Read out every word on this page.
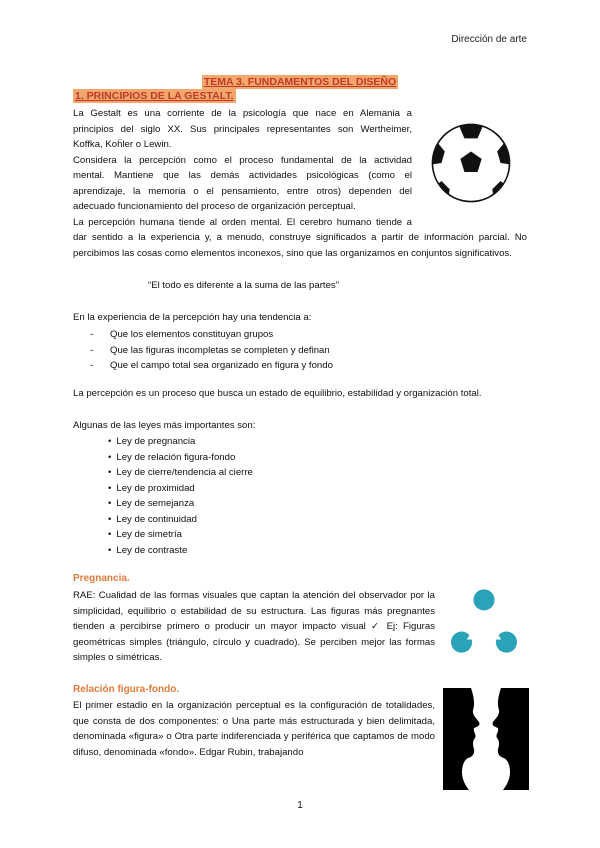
Dirección de arte
TEMA 3. FUNDAMENTOS DEL DISEÑO
1. PRINCIPIOS DE LA GESTALT.

La Gestalt es una corriente de la psicología que nace en Alemania a

principios del siglo XX. Sus principales representantes son Wertheimer,

Koffka, Koḧler o Lewin.

Considera la percepción como el proceso fundamental de la actividad

mental. Mantiene que las demás actividades psicológicas (como el

aprendizaje, la memoria o el pensamiento, entre otros) dependen del

adecuado funcionamiento del proceso de organización perceptual.

La percepción humana tiende al orden mental. El cerebro humano tiende a

dar sentido a la experiencia y, a menudo, construye significados a partir de información parcial. No percibimos las cosas como elementos inconexos, sino que las organizamos en conjuntos significativos.
“El todo es diferente a la suma de las partes”
En la experiencia de la percepción hay una tendencia a:
- Que los elementos constituyan grupos
- Que las figuras incompletas se completen y definan
- Que el campo total sea organizado en figura y fondo
La percepción es un proceso que busca un estado de equilibrio, estabilidad y organización total.
Algunas de las leyes más importantes son:
• Ley de pregnancia
• Ley de relación figura-fondo
• Ley de cierre/tendencia al cierre
• Ley de proximidad
• Ley de semejanza
• Ley de continuidad
• Ley de simetría
• Ley de contraste
Pregnancia.
RAE: Cualidad de las formas visuales que captan la atención del observador por la simplicidad, equilibrio o estabilidad de su estructura. Las figuras más pregnantes tienden a percibirse primero o producir un mayor impacto visual ✓ Ej: Figuras geométricas simples (triángulo, círculo y cuadrado). Se perciben mejor las formas simples o simétricas.
Relación figura-fondo.
El primer estadio en la organización perceptual es la configuración de totalidades, que consta de dos componentes: o Una parte más estructurada y bien delimitada, denominada «figura» o Otra parte indiferenciada y periférica que captamos de modo difuso, denominada «fondo». Edgar Rubin, trabajando
1
